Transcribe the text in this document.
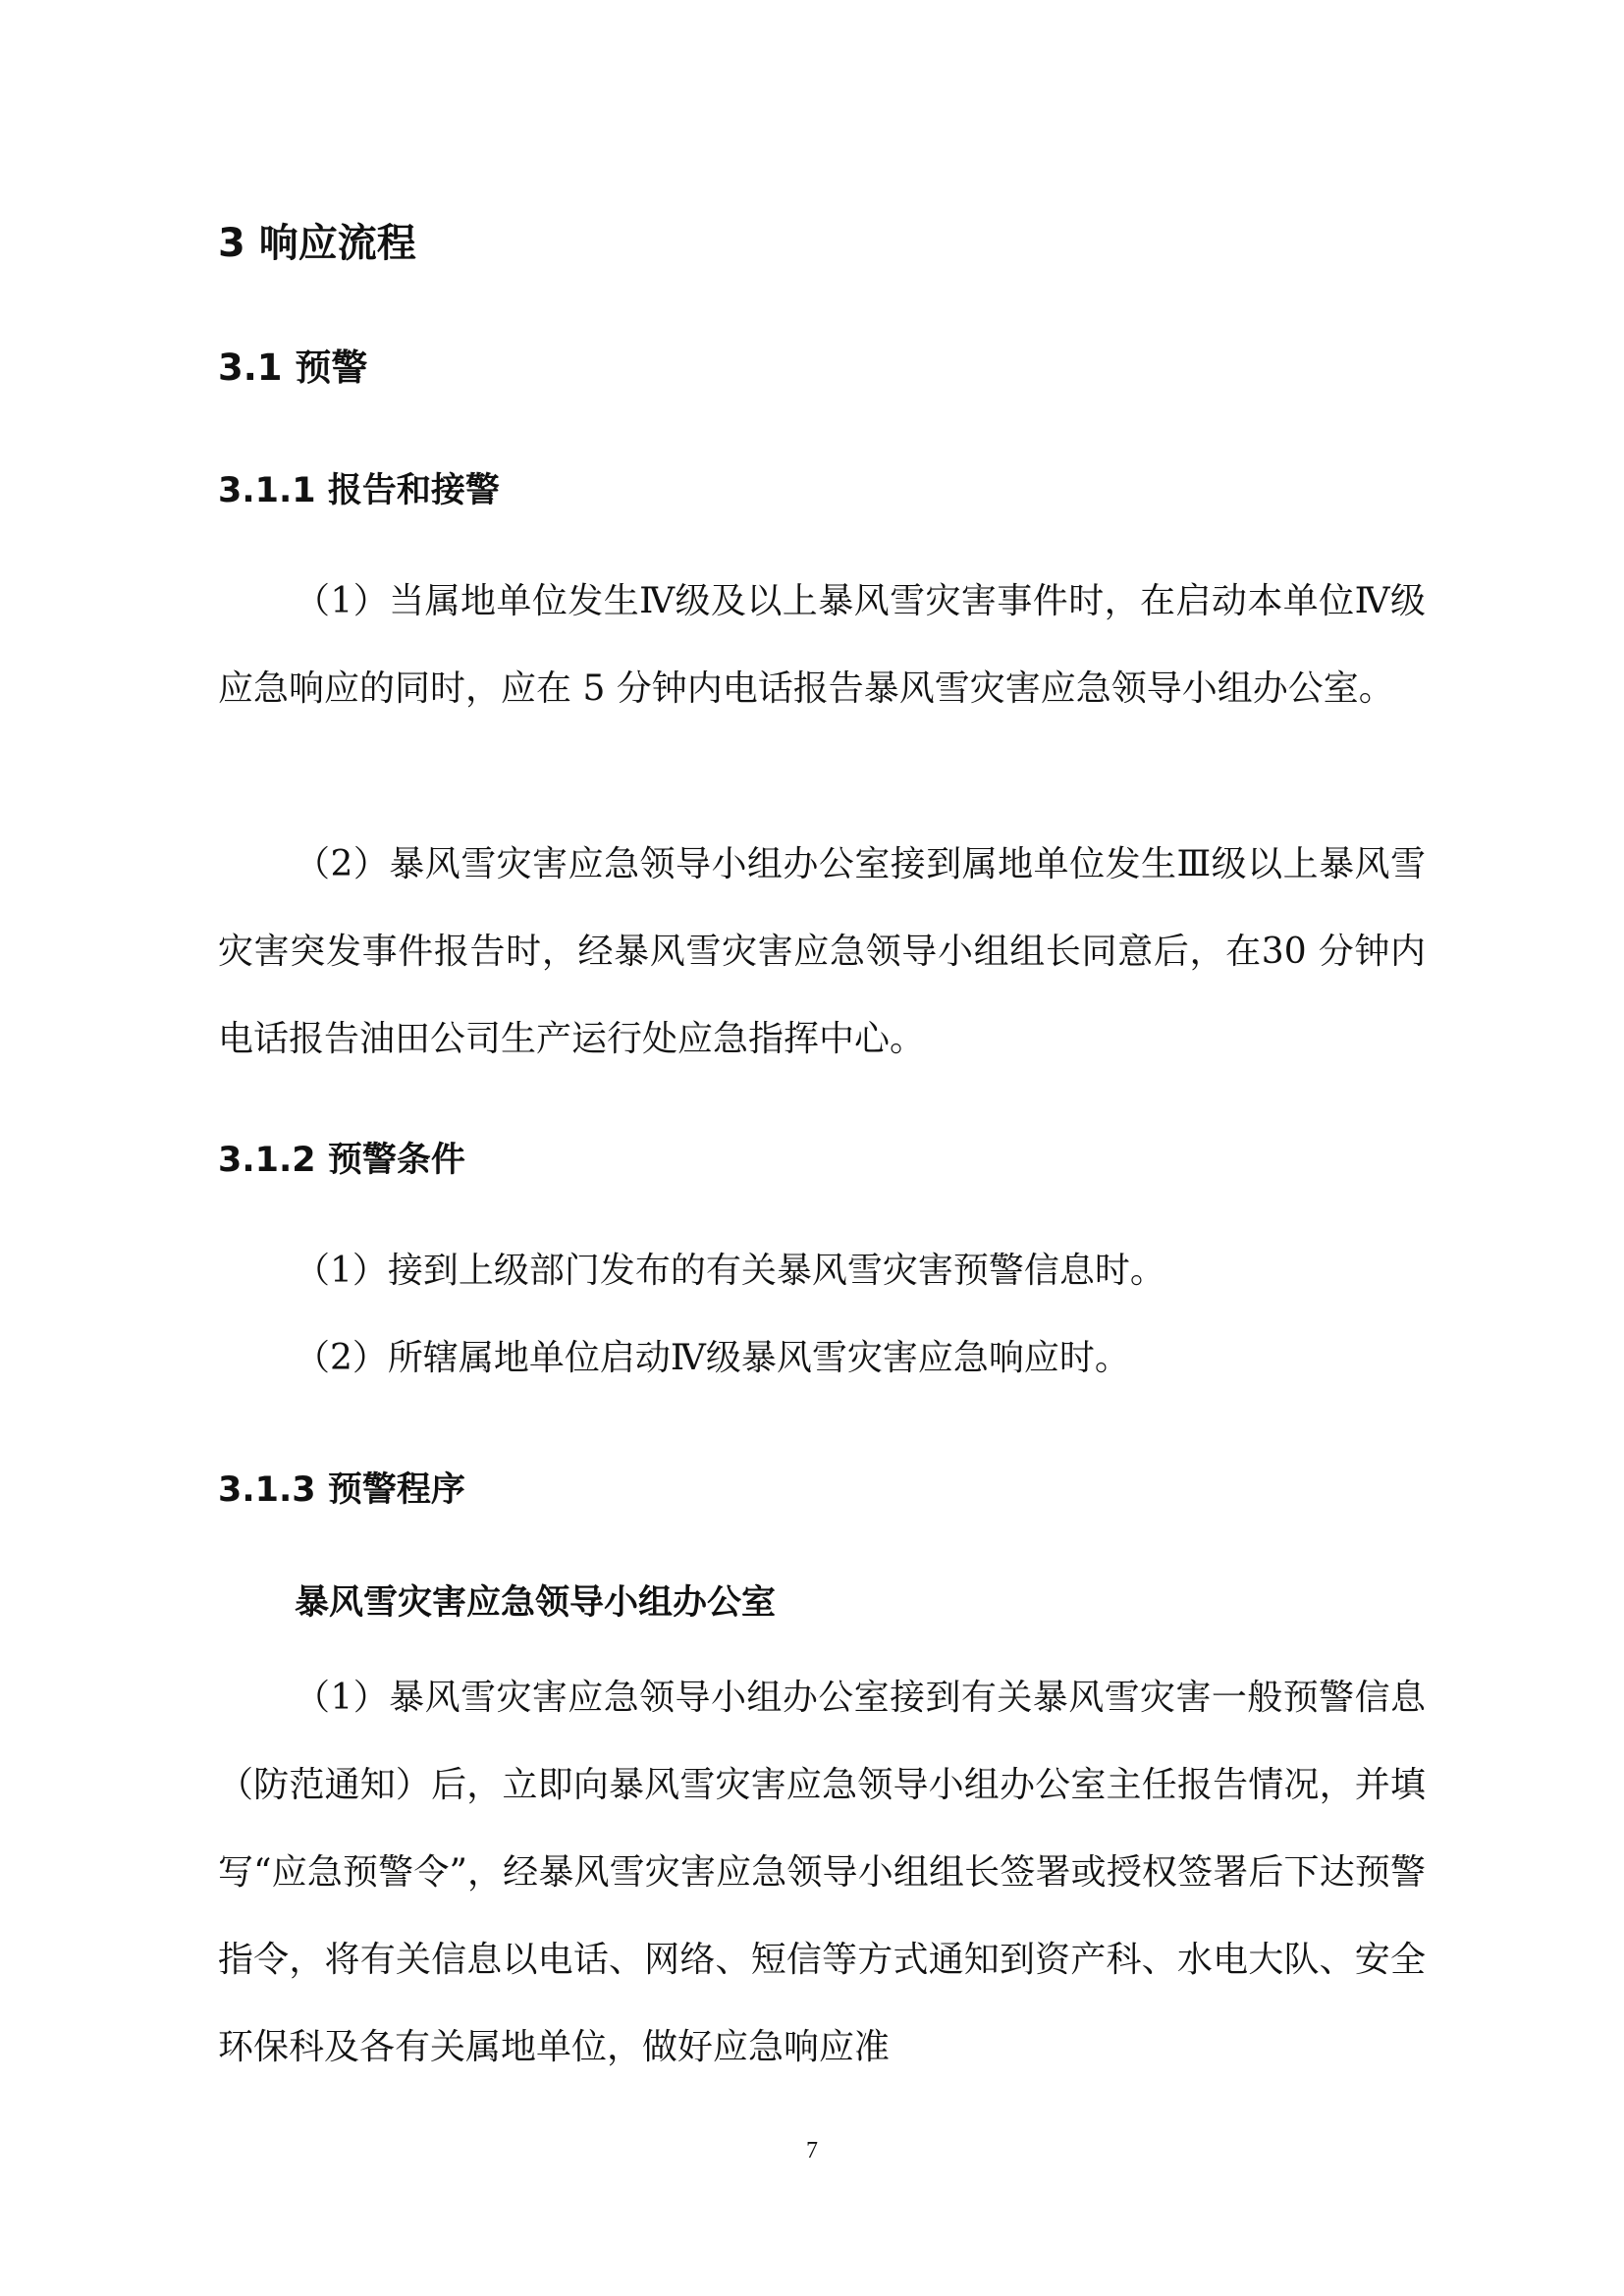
3 响应流程
3.1 预警
3.1.1 报告和接警

（1）当属地单位发生Ⅳ级及以上暴风雪灾害事件时，在启动本单位Ⅳ级应急响应的同时，应在 5 分钟内电话报告暴风雪灾害应急领导小组办公室。

（2）暴风雪灾害应急领导小组办公室接到属地单位发生Ⅲ级以上暴风雪灾害突发事件报告时，经暴风雪灾害应急领导小组组长同意后，在30 分钟内电话报告油田公司生产运行处应急指挥中心。

3.1.2 预警条件

（1）接到上级部门发布的有关暴风雪灾害预警信息时。

（2）所辖属地单位启动Ⅳ级暴风雪灾害应急响应时。

3.1.3 预警程序
暴风雪灾害应急领导小组办公室

（1）暴风雪灾害应急领导小组办公室接到有关暴风雪灾害一般预警信息（防范通知）后，立即向暴风雪灾害应急领导小组办公室主任报告情况，并填写“应急预警令”，经暴风雪灾害应急领导小组组长签署或授权签署后下达预警指令，将有关信息以电话、网络、短信等方式通知到资产科、水电大队、安全环保科及各有关属地单位，做好应急响应准

7
